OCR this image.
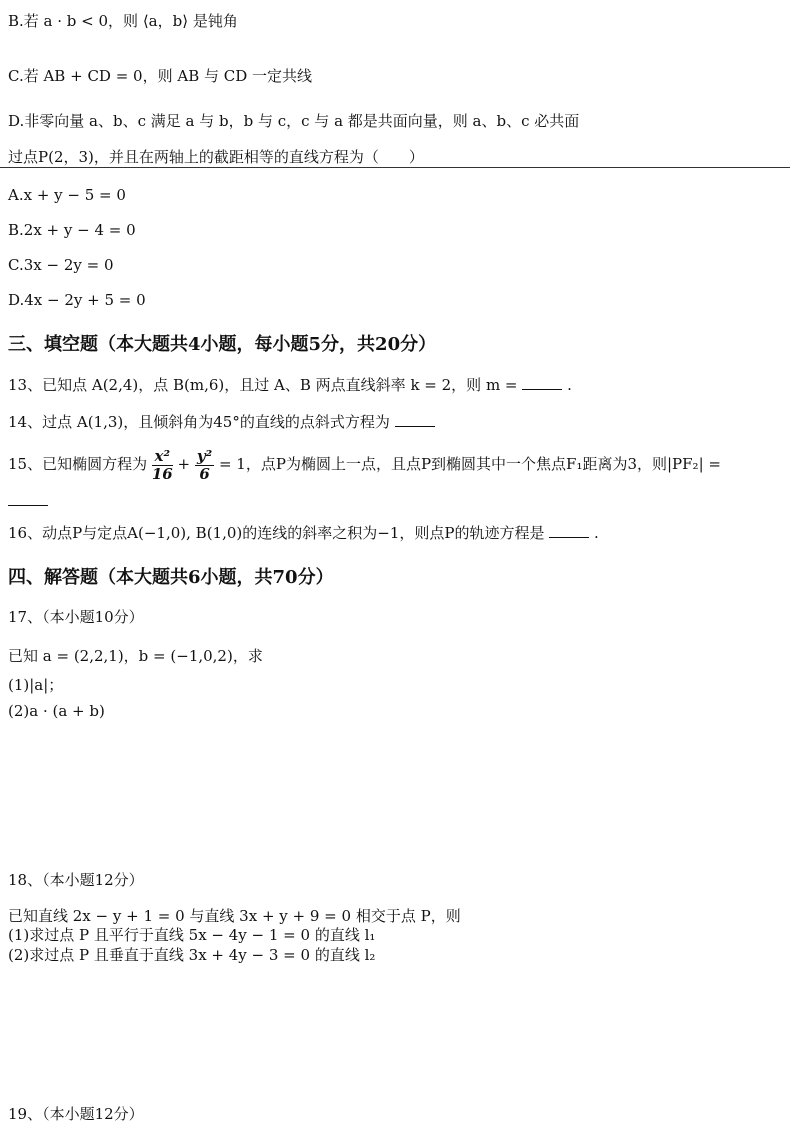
B.若 a · b < 0，则 ⟨a，b⟩ 是钝角
C.若 AB + CD = 0，则 AB 与 CD 一定共线
D.非零向量 a、b、c 满足 a 与 b，b 与 c，c 与 a 都是共面向量，则 a、b、c 必共面
过点P(2，3)，并且在两轴上的截距相等的直线方程为（　　）
A.x + y − 5 = 0
B.2x + y − 4 = 0
C.3x − 2y = 0
D.4x − 2y + 5 = 0
三、填空题（本大题共4小题，每小题5分，共20分）
13、已知点 A(2,4)，点 B(m,6)，且过 A、B 两点直线斜率 k = 2，则 m =	.
14、过点 A(1,3)，且倾斜角为45°的直线的点斜式方程为
15、已知椭圆方程为 $\frac{\text{x²}}{16} + \frac{\text{y²}}{6} = 1$，点P为椭圆上一点，且点P到椭圆其中一个焦点F₁距离为3，则|PF₂| =
16、动点P与定点A(−1,0), B(1,0)的连线的斜率之积为−1，则点P的轨迹方程是	.
四、解答题（本大题共6小题，共70分）
17、（本小题10分）
已知 a = (2,2,1)，b = (−1,0,2)，求
(1)|a|；
(2)a · (a + b)
18、（本小题12分）
已知直线 2x − y + 1 = 0 与直线 3x + y + 9 = 0 相交于点 P，则
(1)求过点 P 且平行于直线 5x − 4y − 1 = 0 的直线 l₁
(2)求过点 P 且垂直于直线 3x + 4y − 3 = 0 的直线 l₂
19、（本小题12分）
